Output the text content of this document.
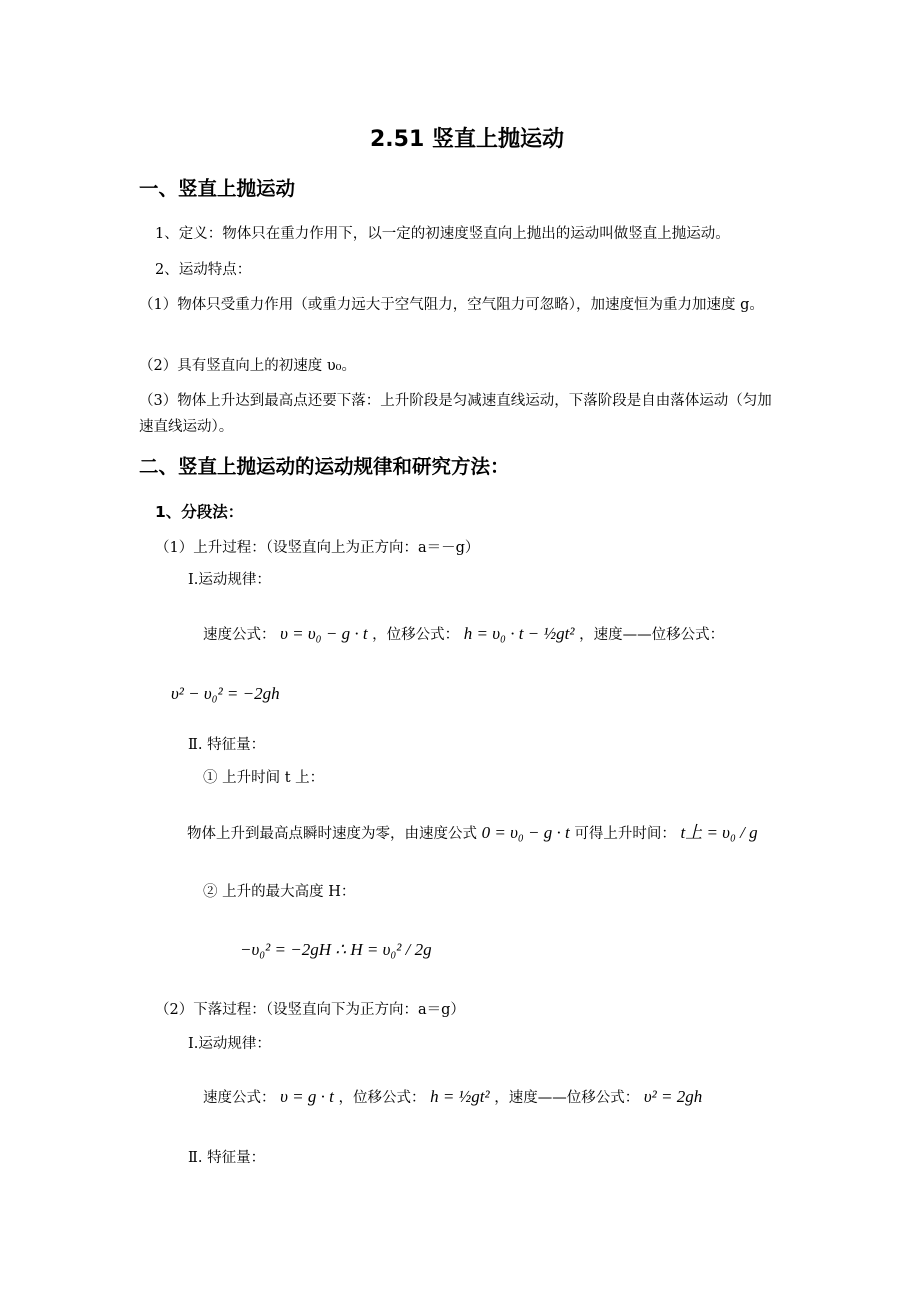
2.51 竖直上抛运动
一、竖直上抛运动
1、定义：物体只在重力作用下，以一定的初速度竖直向上抛出的运动叫做竖直上抛运动。
2、运动特点：
（1）物体只受重力作用（或重力远大于空气阻力，空气阻力可忽略），加速度恒为重力加速度 g。
（2）具有竖直向上的初速度 υ₀。
（3）物体上升达到最高点还要下落：上升阶段是匀减速直线运动，下落阶段是自由落体运动（匀加速直线运动）。
二、竖直上抛运动的运动规律和研究方法：
1、分段法：
（1）上升过程：（设竖直向上为正方向：a＝－g）
Ⅰ.运动规律：
速度公式： υ = υ₀ − g · t ，位移公式： h = υ₀ · t − ½gt² ，速度——位移公式：
υ² − υ₀² = −2gh
Ⅱ. 特征量：
① 上升时间 t 上：
物体上升到最高点瞬时速度为零，由速度公式 0 = υ₀ − g · t 可得上升时间： t上 = υ₀ / g
② 上升的最大高度 H：
−υ₀² = −2gH ∴ H = υ₀² / 2g
（2）下落过程：（设竖直向下为正方向：a＝g）
Ⅰ.运动规律：
速度公式： υ = g · t ，位移公式： h = ½gt² ，速度——位移公式： υ² = 2gh
Ⅱ. 特征量：
